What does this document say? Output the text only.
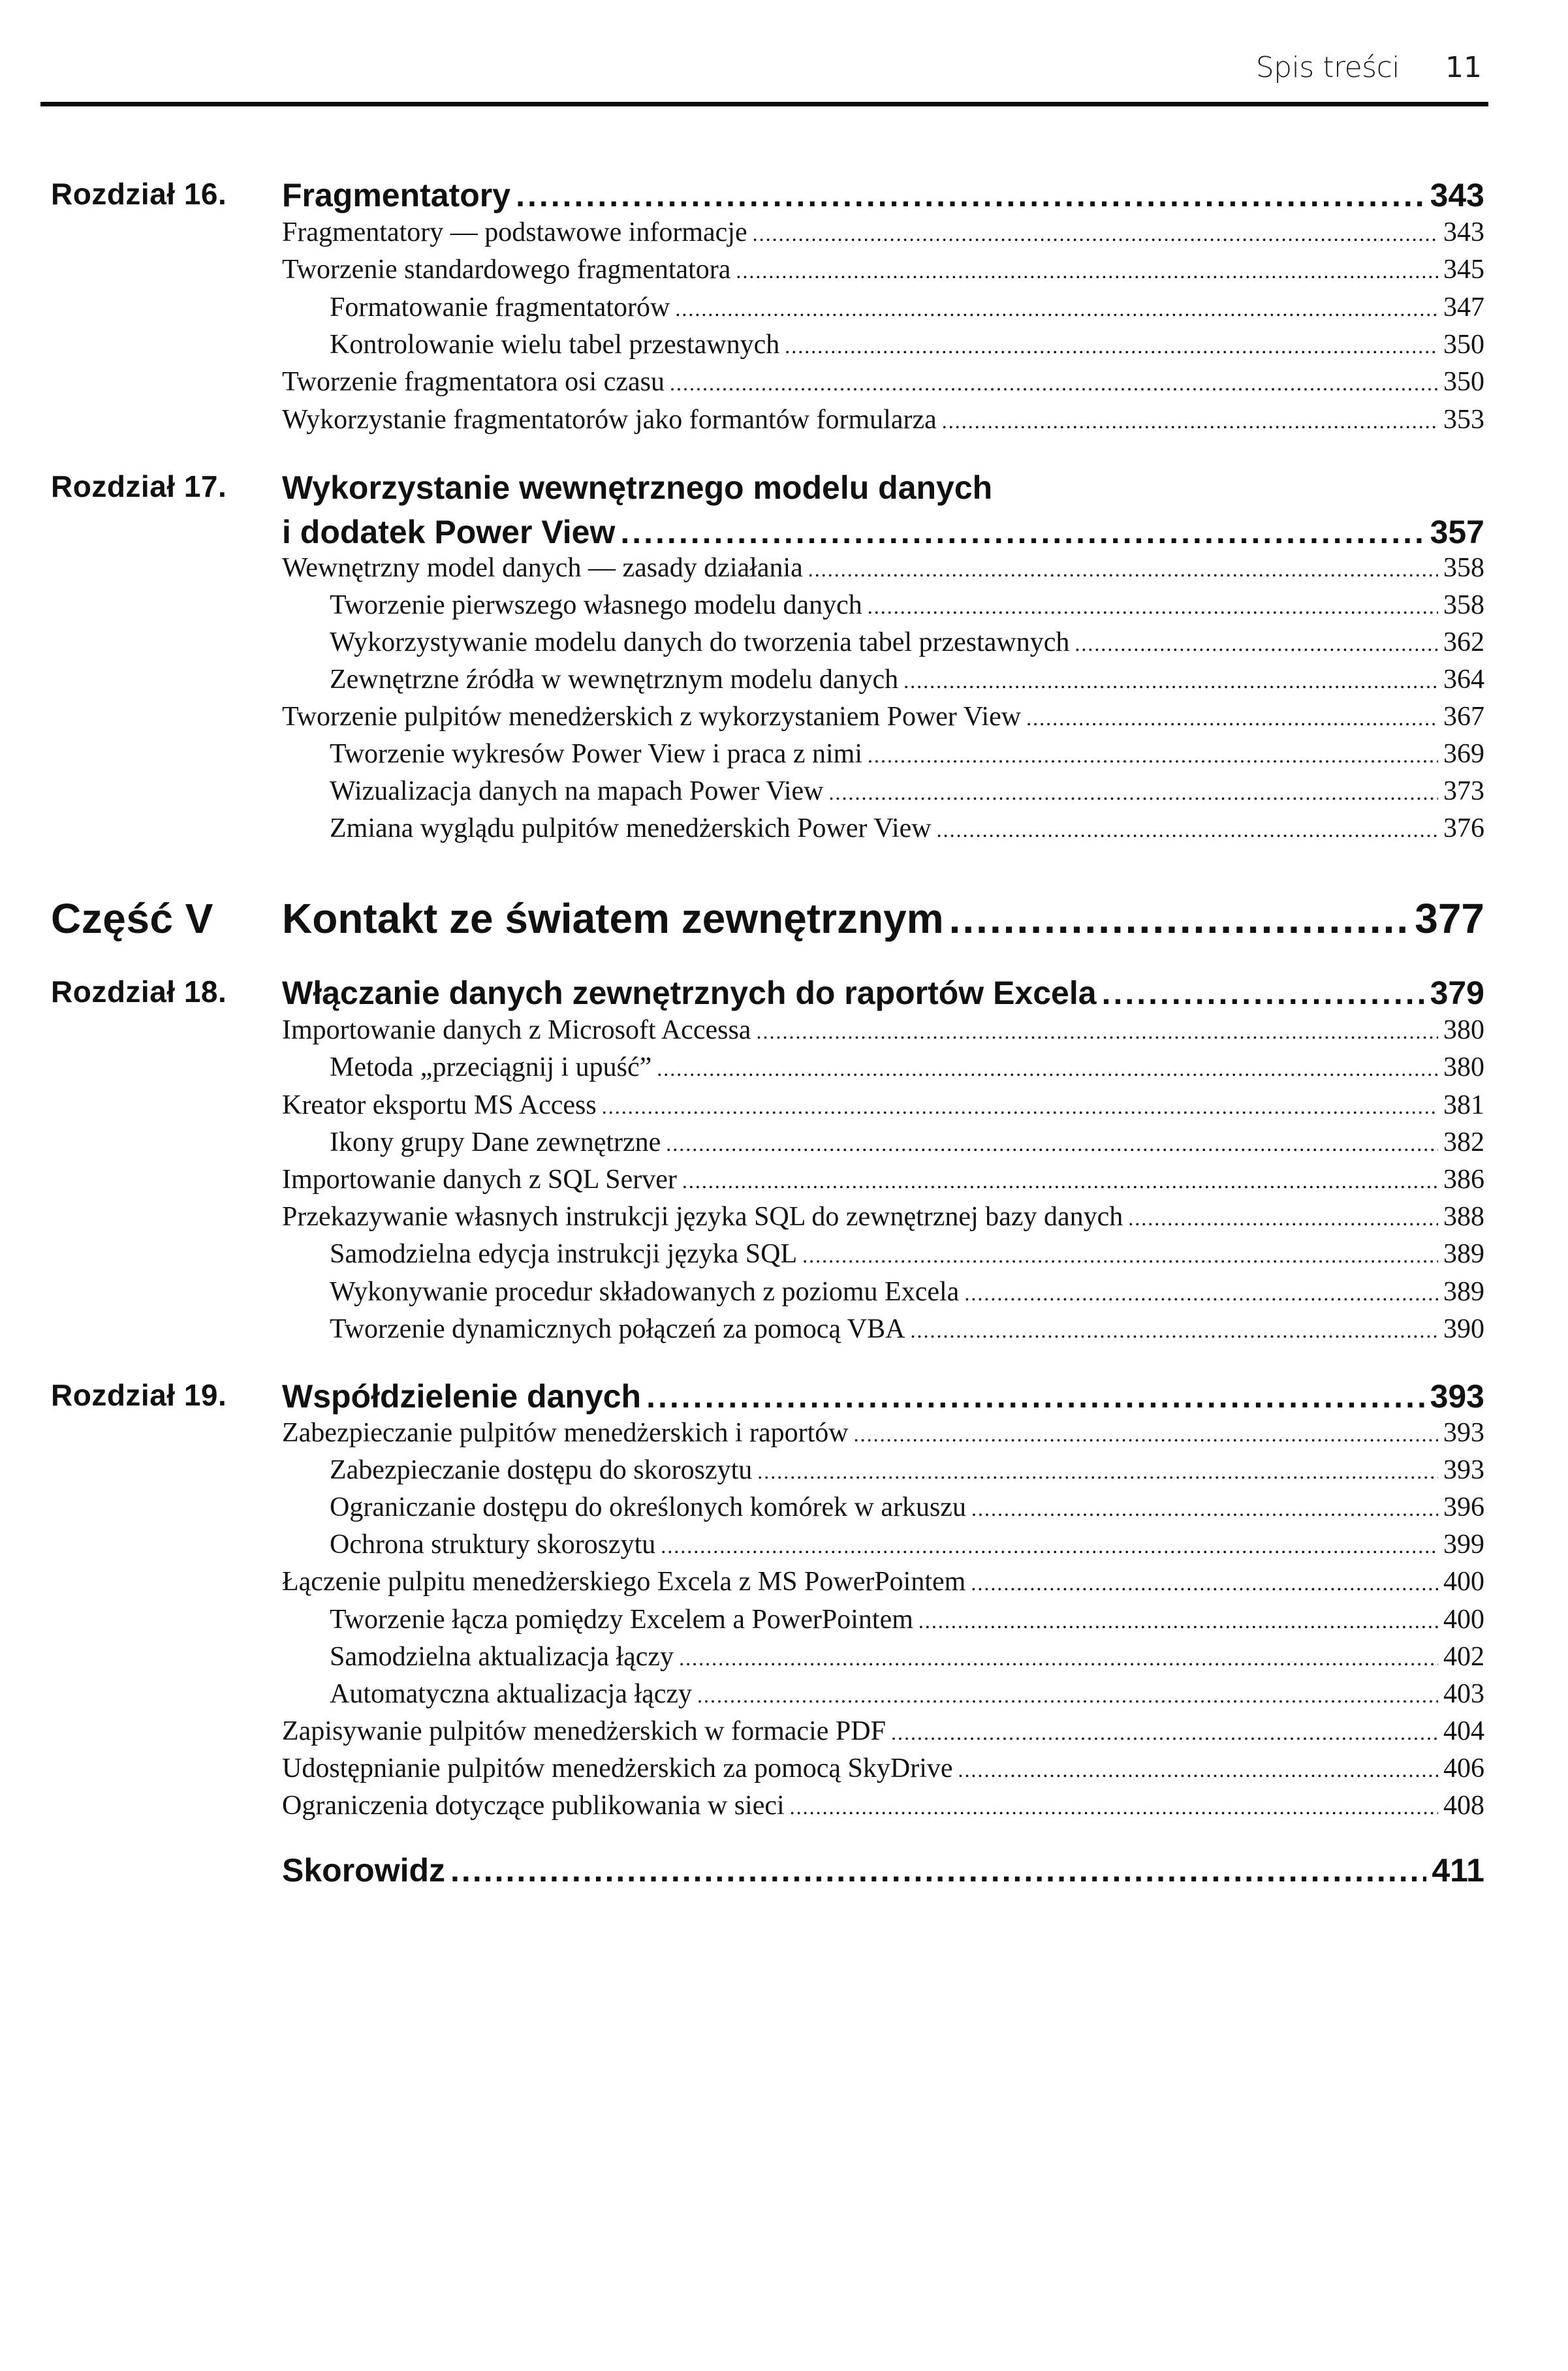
Spis treści 11
Rozdział 16. Fragmentatory .....	343
Fragmentatory — podstawowe informacje .....	343
Tworzenie standardowego fragmentatora .....	345
Formatowanie fragmentatorów .....	347
Kontrolowanie wielu tabel przestawnych .....	350
Tworzenie fragmentatora osi czasu .....	350
Wykorzystanie fragmentatorów jako formantów formularza .....	353
Rozdział 17. Wykorzystanie wewnętrznego modelu danych
i dodatek Power View .....	357
Wewnętrzny model danych — zasady działania .....	358
Tworzenie pierwszego własnego modelu danych .....	358
Wykorzystywanie modelu danych do tworzenia tabel przestawnych .....	362
Zewnętrzne źródła w wewnętrznym modelu danych .....	364
Tworzenie pulpitów menedżerskich z wykorzystaniem Power View .....	367
Tworzenie wykresów Power View i praca z nimi .....	369
Wizualizacja danych na mapach Power View .....	373
Zmiana wyglądu pulpitów menedżerskich Power View .....	376
Część V Kontakt ze światem zewnętrznym .....	377
Rozdział 18. Włączanie danych zewnętrznych do raportów Excela .....	379
Importowanie danych z Microsoft Accessa .....	380
Metoda „przeciągnij i upuść” .....	380
Kreator eksportu MS Access .....	381
Ikony grupy Dane zewnętrzne .....	382
Importowanie danych z SQL Server .....	386
Przekazywanie własnych instrukcji języka SQL do zewnętrznej bazy danych .....	388
Samodzielna edycja instrukcji języka SQL .....	389
Wykonywanie procedur składowanych z poziomu Excela .....	389
Tworzenie dynamicznych połączeń za pomocą VBA .....	390
Rozdział 19. Współdzielenie danych .....	393
Zabezpieczanie pulpitów menedżerskich i raportów .....	393
Zabezpieczanie dostępu do skoroszytu .....	393
Ograniczanie dostępu do określonych komórek w arkuszu .....	396
Ochrona struktury skoroszytu .....	399
Łączenie pulpitu menedżerskiego Excela z MS PowerPointem .....	400
Tworzenie łącza pomiędzy Excelem a PowerPointem .....	400
Samodzielna aktualizacja łączy .....	402
Automatyczna aktualizacja łączy .....	403
Zapisywanie pulpitów menedżerskich w formacie PDF .....	404
Udostępnianie pulpitów menedżerskich za pomocą SkyDrive .....	406
Ograniczenia dotyczące publikowania w sieci .....	408
Skorowidz .....	411
